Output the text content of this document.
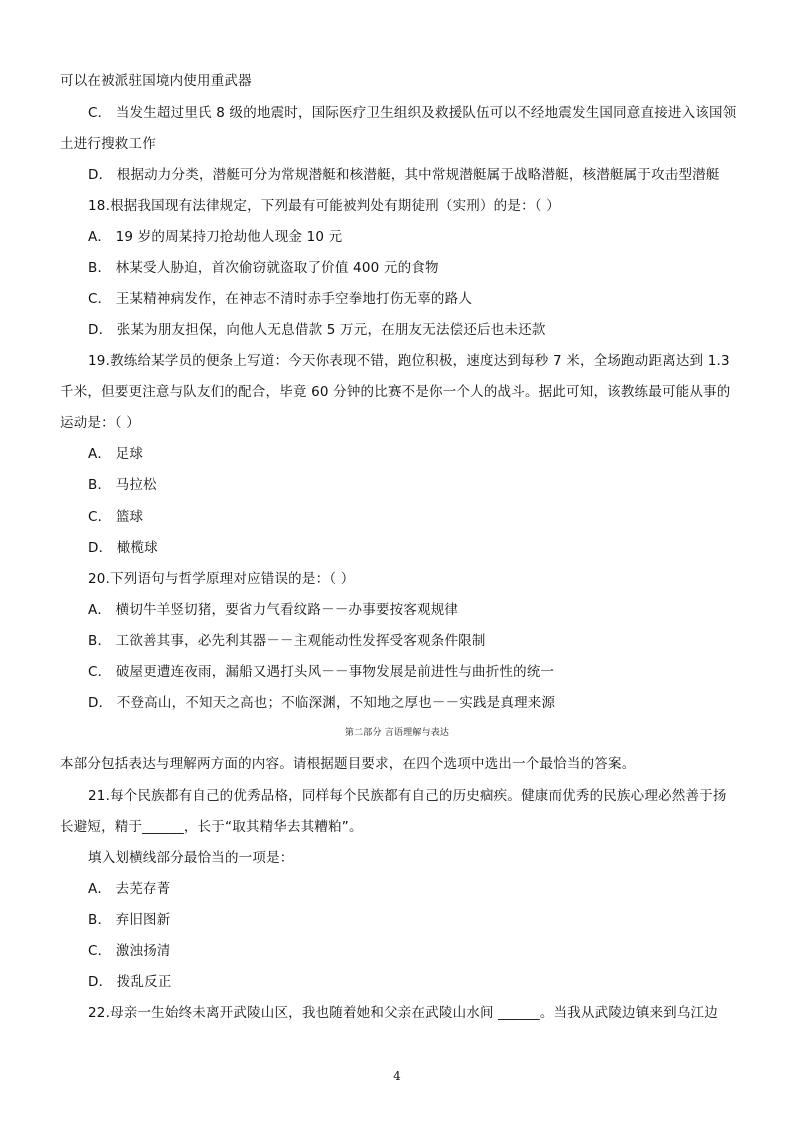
可以在被派驻国境内使用重武器
C． 当发生超过里氏 8 级的地震时，国际医疗卫生组织及救援队伍可以不经地震发生国同意直接进入该国领
土进行搜救工作
D． 根据动力分类，潜艇可分为常规潜艇和核潜艇，其中常规潜艇属于战略潜艇，核潜艇属于攻击型潜艇
18.根据我国现有法律规定，下列最有可能被判处有期徒刑（实刑）的是：（ ）
A． 19 岁的周某持刀抢劫他人现金 10 元
B． 林某受人胁迫，首次偷窃就盗取了价值 400 元的食物
C． 王某精神病发作，在神志不清时赤手空拳地打伤无辜的路人
D． 张某为朋友担保，向他人无息借款 5 万元，在朋友无法偿还后也未还款
19.教练给某学员的便条上写道：今天你表现不错，跑位积极，速度达到每秒 7 米，全场跑动距离达到 1.3
千米，但要更注意与队友们的配合，毕竟 60 分钟的比赛不是你一个人的战斗。据此可知，该教练最可能从事的
运动是：（ ）
A． 足球
B． 马拉松
C． 篮球
D． 橄榄球
20.下列语句与哲学原理对应错误的是：（ ）
A． 横切牛羊竖切猪，要省力气看纹路－－办事要按客观规律
B． 工欲善其事，必先利其器－－主观能动性发挥受客观条件限制
C． 破屋更遭连夜雨，漏船又遇打头风－－事物发展是前进性与曲折性的统一
D． 不登高山，不知天之高也；不临深渊，不知地之厚也－－实践是真理来源
第二部分 言语理解与表达
本部分包括表达与理解两方面的内容。请根据题目要求，在四个选项中选出一个最恰当的答案。
21.每个民族都有自己的优秀品格，同样每个民族都有自己的历史痼疾。健康而优秀的民族心理必然善于扬
长避短，精于______，长于“取其精华去其糟粕”。
填入划横线部分最恰当的一项是：
A． 去芜存菁
B． 弃旧图新
C． 激浊扬清
D． 拨乱反正
22.母亲一生始终未离开武陵山区，我也随着她和父亲在武陵山水间 ______。当我从武陵边镇来到乌江边
4
